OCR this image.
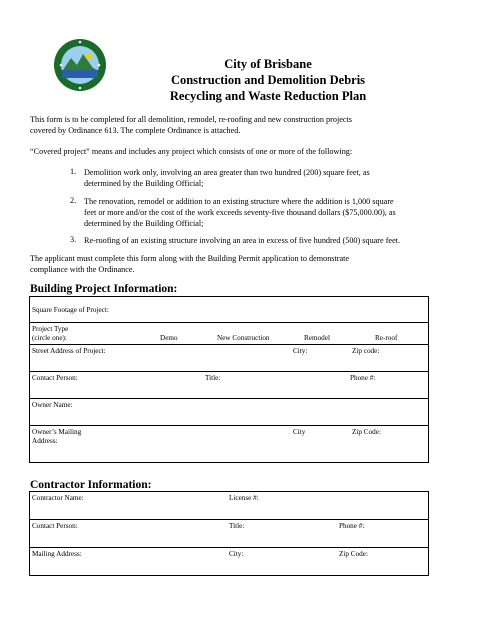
City of Brisbane
Construction and Demolition Debris
Recycling and Waste Reduction Plan
This form is to be completed for all demolition, remodel, re-roofing and new construction projects
covered by Ordinance 613. The complete Ordinance is attached.
“Covered project” means and includes any project which consists of one or more of the following:
1. Demolition work only, involving an area greater than two hundred (200) square feet, as
determined by the Building Official;
2. The renovation, remodel or addition to an existing structure where the addition is 1,000 square
feet or more and/or the cost of the work exceeds seventy-five thousand dollars ($75,000.00), as
determined by the Building Official;
3. Re-roofing of an existing structure involving an area in excess of five hundred (500) square feet.
The applicant must complete this form along with the Building Permit application to demonstrate
compliance with the Ordinance.
Building Project Information:
Square Footage of Project:

Project Type
(circle one):	Demo	New Construction	Remodel	Re-roof

Street Address of Project:	City:	Zip code:

Contact Person:	Title:	Phone #:

Owner Name:

Owner’s Mailing
Address:
City	Zip Code:
Contractor Information:
Contractor Name:	License #:

Contact Person:	Title:	Phone #:

Mailing Address:	City:	Zip Code:
